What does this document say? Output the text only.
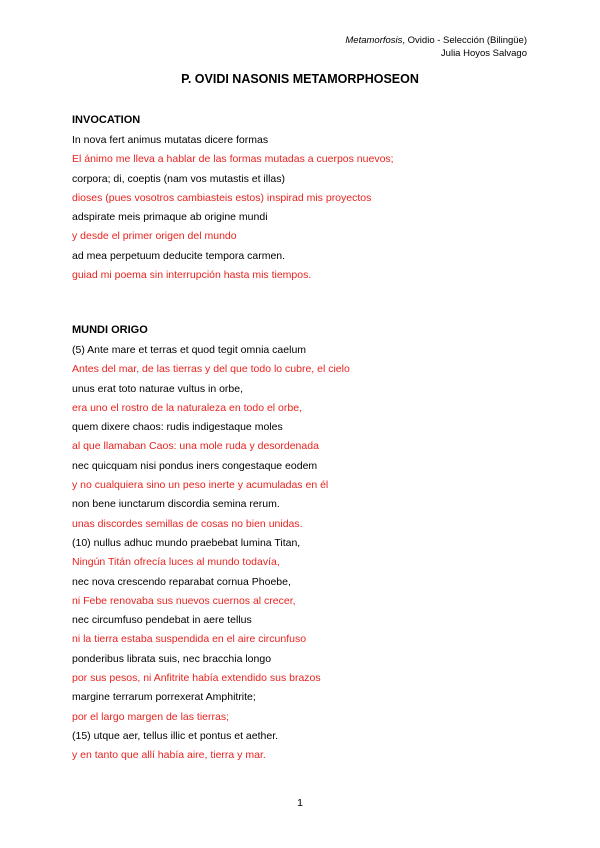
Metamorfosis, Ovidio - Selección (Bilingüe)
Julia Hoyos Salvago
P. OVIDI NASONIS METAMORPHOSEON
INVOCATION
In nova fert animus mutatas dicere formas
El ánimo me lleva a hablar de las formas mutadas a cuerpos nuevos;
corpora; di, coeptis (nam vos mutastis et illas)
dioses (pues vosotros cambiasteis estos) inspirad mis proyectos
adspirate meis primaque ab origine mundi
y desde el primer origen del mundo
ad mea perpetuum deducite tempora carmen.
guiad mi poema sin interrupción hasta mis tiempos.
MUNDI ORIGO
(5) Ante mare et terras et quod tegit omnia caelum
Antes del mar, de las tierras y del que todo lo cubre, el cielo
unus erat toto naturae vultus in orbe,
era uno el rostro de la naturaleza en todo el orbe,
quem dixere chaos: rudis indigestaque moles
al que llamaban Caos: una mole ruda y desordenada
nec quicquam nisi pondus iners congestaque eodem
y no cualquiera sino un peso inerte y acumuladas en él
non bene iunctarum discordia semina rerum.
unas discordes semillas de cosas no bien unidas.
(10) nullus adhuc mundo praebebat lumina Titan,
Ningún Titán ofrecía luces al mundo todavía,
nec nova crescendo reparabat cornua Phoebe,
ni Febe renovaba sus nuevos cuernos al crecer,
nec circumfuso pendebat in aere tellus
ni la tierra estaba suspendida en el aire circunfuso
ponderibus librata suis, nec bracchia longo
por sus pesos, ni Anfitrite había extendido sus brazos
margine terrarum porrexerat Amphitrite;
por el largo margen de las tierras;
(15) utque aer, tellus illic et pontus et aether.
y en tanto que allí había aire, tierra y mar.
1
